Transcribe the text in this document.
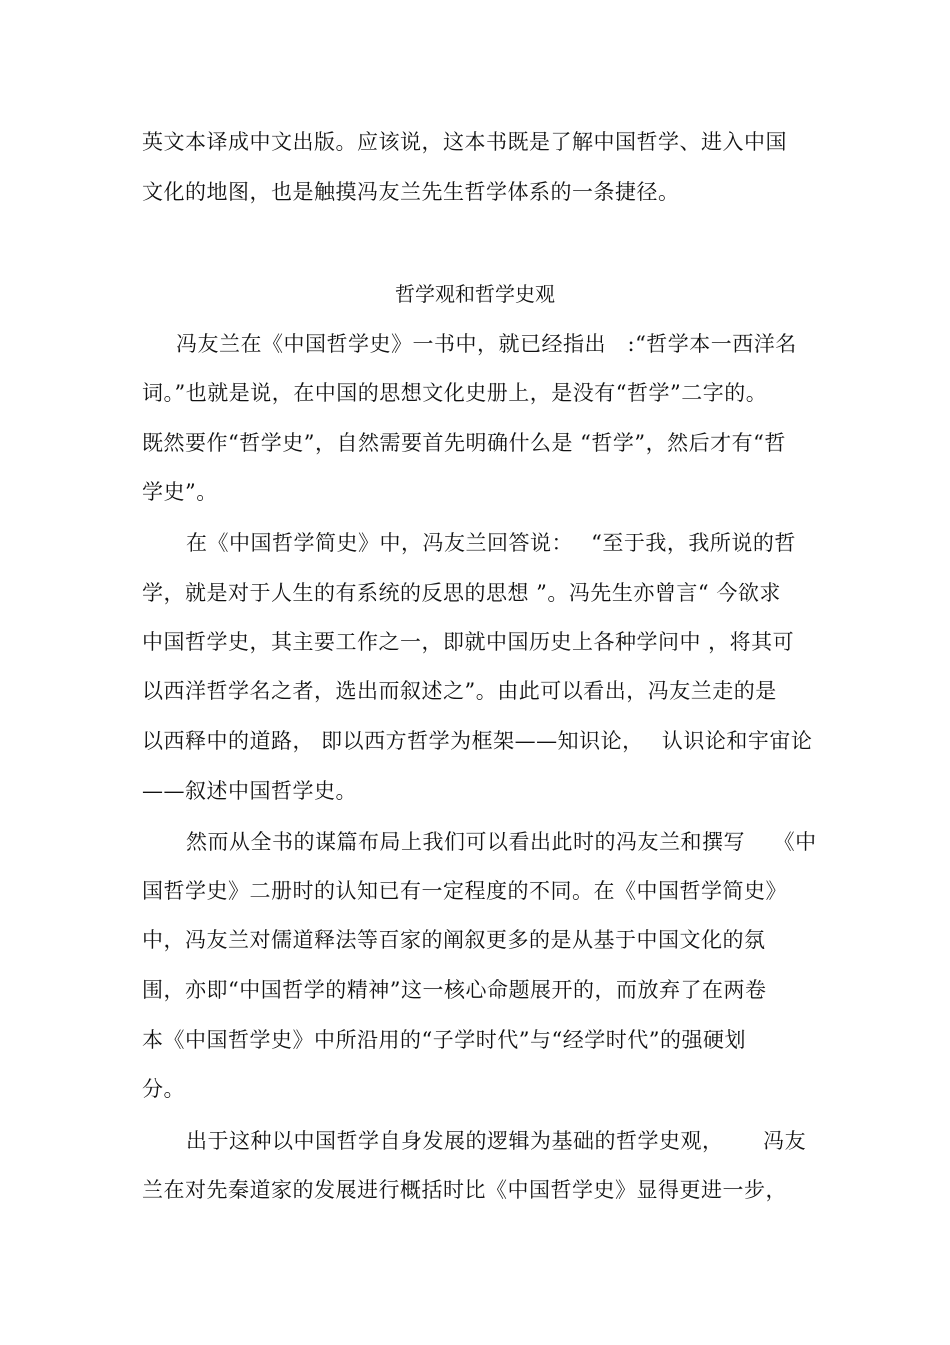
英文本译成中文出版。应该说，这本书既是了解中国哲学、进入中国
文化的地图，也是触摸冯友兰先生哲学体系的一条捷径。
哲学观和哲学史观
冯友兰在《中国哲学史》一书中，就已经指出　:“哲学本一西洋名
词。”也就是说，在中国的思想文化史册上，是没有“哲学”二字的。
既然要作“哲学史”，自然需要首先明确什么是 “哲学”，然后才有“哲
学史”。
在《中国哲学简史》中，冯友兰回答说：　 “至于我，我所说的哲
学，就是对于人生的有系统的反思的思想 ”。冯先生亦曾言“ 今欲求
中国哲学史，其主要工作之一，即就中国历史上各种学问中 ，将其可
以西洋哲学名之者，选出而叙述之”。由此可以看出，冯友兰走的是
以西释中的道路， 即以西方哲学为框架——知识论，　 认识论和宇宙论
——叙述中国哲学史。
然而从全书的谋篇布局上我们可以看出此时的冯友兰和撰写　 《中
国哲学史》二册时的认知已有一定程度的不同。在《中国哲学简史》
中，冯友兰对儒道释法等百家的阐叙更多的是从基于中国文化的氛
围，亦即“中国哲学的精神”这一核心命题展开的，而放弃了在两卷
本《中国哲学史》中所沿用的“子学时代”与“经学时代”的强硬划
分。
出于这种以中国哲学自身发展的逻辑为基础的哲学史观，　　 冯友
兰在对先秦道家的发展进行概括时比《中国哲学史》显得更进一步，
